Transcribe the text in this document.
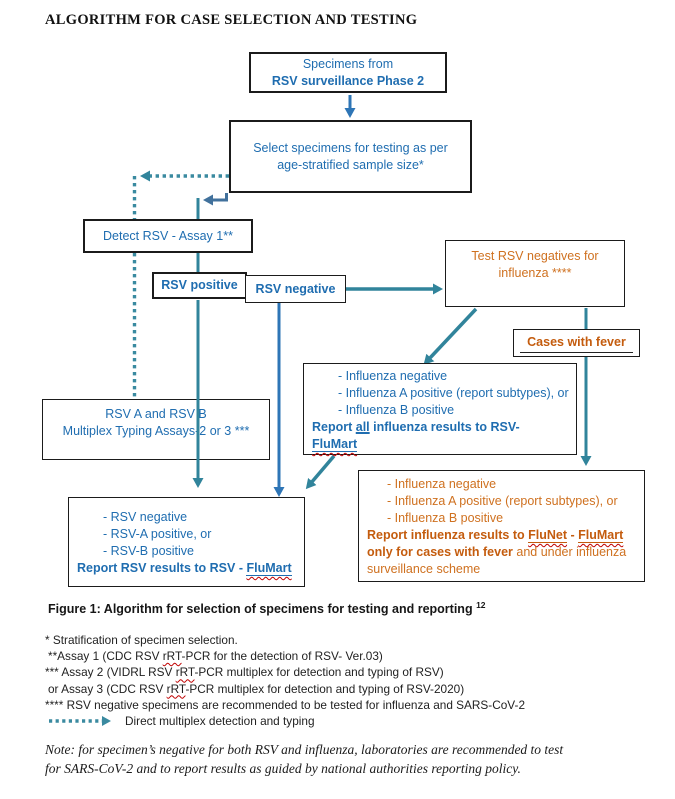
ALGORITHM FOR CASE SELECTION AND TESTING
Specimens from
RSV surveillance Phase 2
Select specimens for testing as per
age-stratified sample size*
Detect RSV - Assay 1**
RSV positive RSV negative
Test RSV negatives for
influenza ****
Cases with fever
RSV A and RSV B
Multiplex Typing Assays-2 or 3 ***
- Influenza negative
- Influenza A positive (report subtypes), or
- Influenza B positive
Report all influenza results to RSV-
FluMart
- RSV negative
- RSV-A positive, or
- RSV-B positive
Report RSV results to RSV - FluMart
- Influenza negative
- Influenza A positive (report subtypes), or
- Influenza B positive
Report influenza results to FluNet - FluMart
only for cases with fever and under influenza
surveillance scheme
Figure 1: Algorithm for selection of specimens for testing and reporting $^{12}$
* Stratification of specimen selection.
**Assay 1 (CDC RSV rRT-PCR for the detection of RSV- Ver.03)
*** Assay 2 (VIDRL RSV rRT-PCR multiplex for detection and typing of RSV)
or Assay 3 (CDC RSV rRT-PCR multiplex for detection and typing of RSV-2020)
**** RSV negative specimens are recommended to be tested for influenza and SARS-CoV-2
Direct multiplex detection and typing
Note: for specimen’s negative for both RSV and influenza, laboratories are recommended to test
for SARS-CoV-2 and to report results as guided by national authorities reporting policy.
